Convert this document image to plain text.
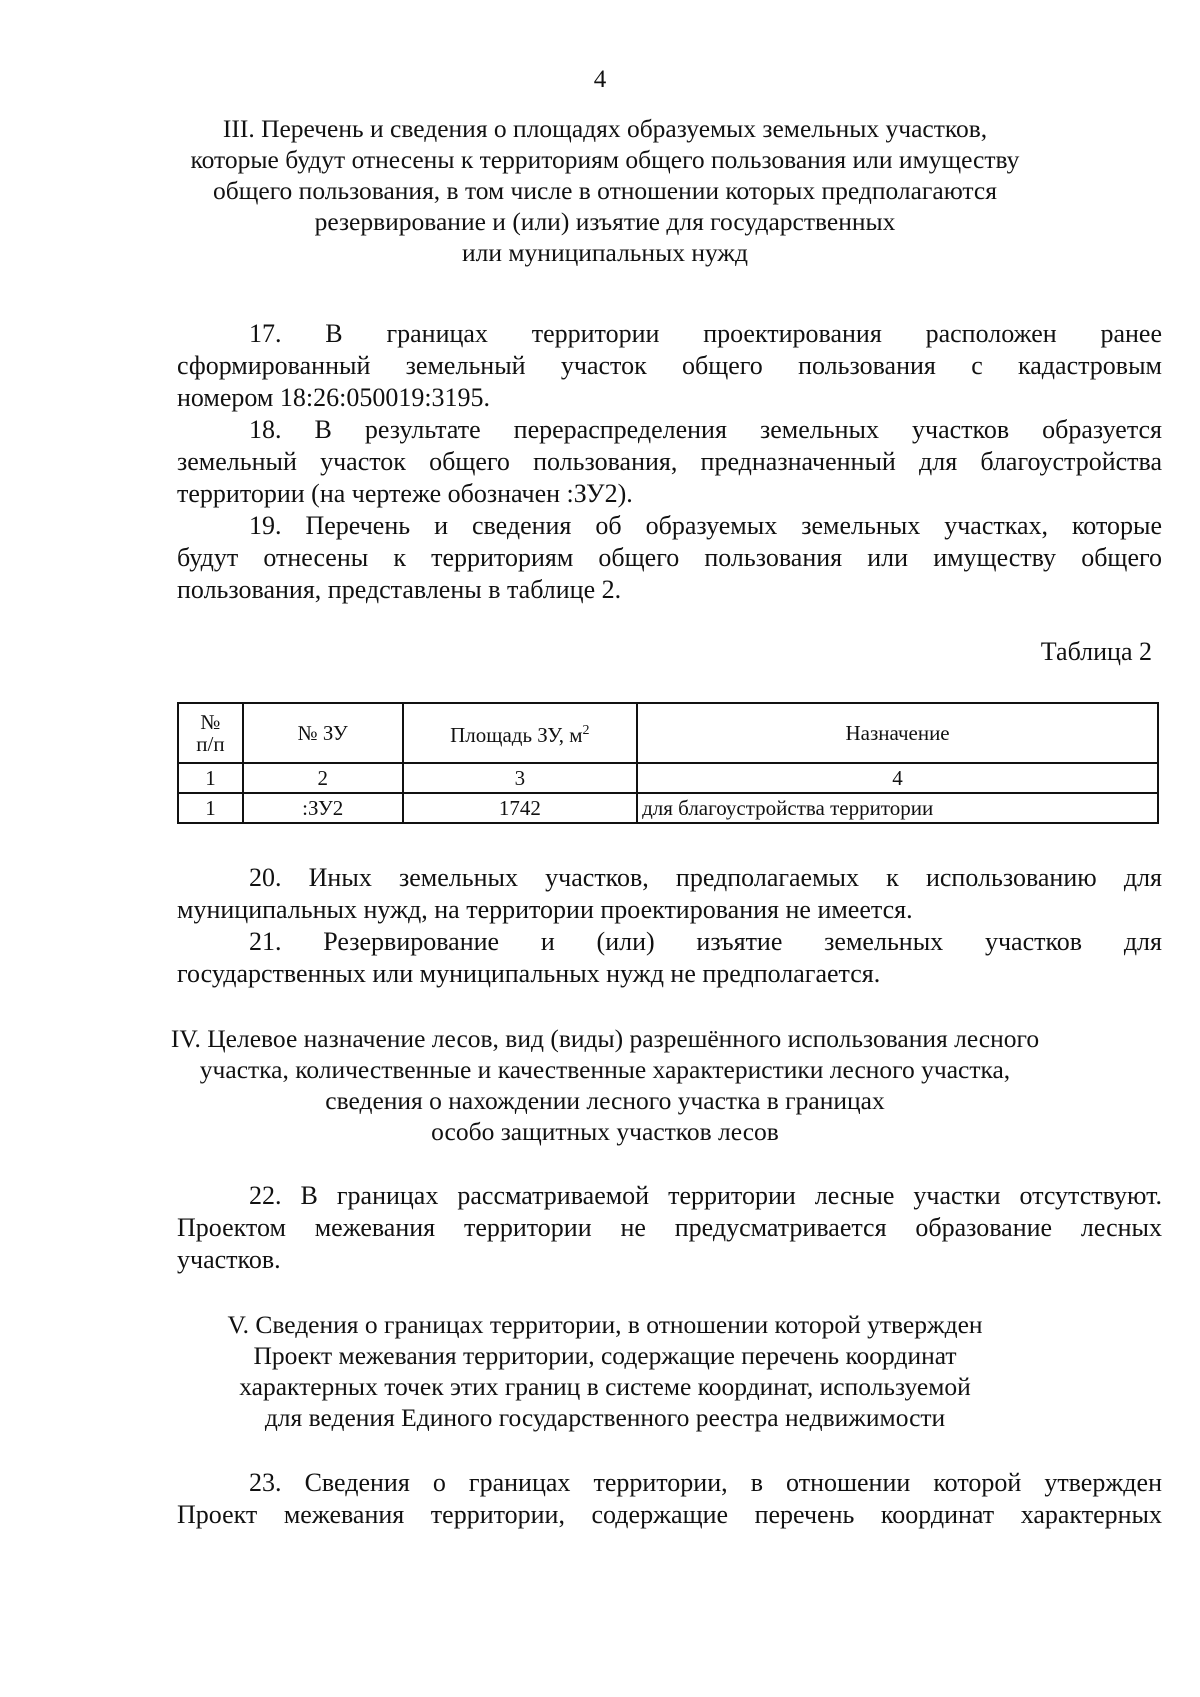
4
III. Перечень и сведения о площадях образуемых земельных участков,
которые будут отнесены к территориям общего пользования или имуществу
общего пользования, в том числе в отношении которых предполагаются
резервирование и (или) изъятие для государственных
или муниципальных нужд
17. В границах территории проектирования расположен ранее
сформированный земельный участок общего пользования с кадастровым
номером 18:26:050019:3195.
18. В результате перераспределения земельных участков образуется
земельный участок общего пользования, предназначенный для благоустройства
территории (на чертеже обозначен :ЗУ2).
19. Перечень и сведения об образуемых земельных участках, которые
будут отнесены к территориям общего пользования или имуществу общего
пользования, представлены в таблице 2.
Таблица 2
№
п/п	№ ЗУ	Площадь ЗУ, $м^2$	Назначение
1	2	3	4
1	:ЗУ2	1742	для благоустройства территории
20. Иных земельных участков, предполагаемых к использованию для
муниципальных нужд, на территории проектирования не имеется.
21. Резервирование и (или) изъятие земельных участков для
государственных или муниципальных нужд не предполагается.
IV. Целевое назначение лесов, вид (виды) разрешённого использования лесного
участка, количественные и качественные характеристики лесного участка,
сведения о нахождении лесного участка в границах
особо защитных участков лесов
22. В границах рассматриваемой территории лесные участки отсутствуют.
Проектом межевания территории не предусматривается образование лесных
участков.
V. Сведения о границах территории, в отношении которой утвержден
Проект межевания территории, содержащие перечень координат
характерных точек этих границ в системе координат, используемой
для ведения Единого государственного реестра недвижимости
23. Сведения о границах территории, в отношении которой утвержден
Проект межевания территории, содержащие перечень координат характерных
